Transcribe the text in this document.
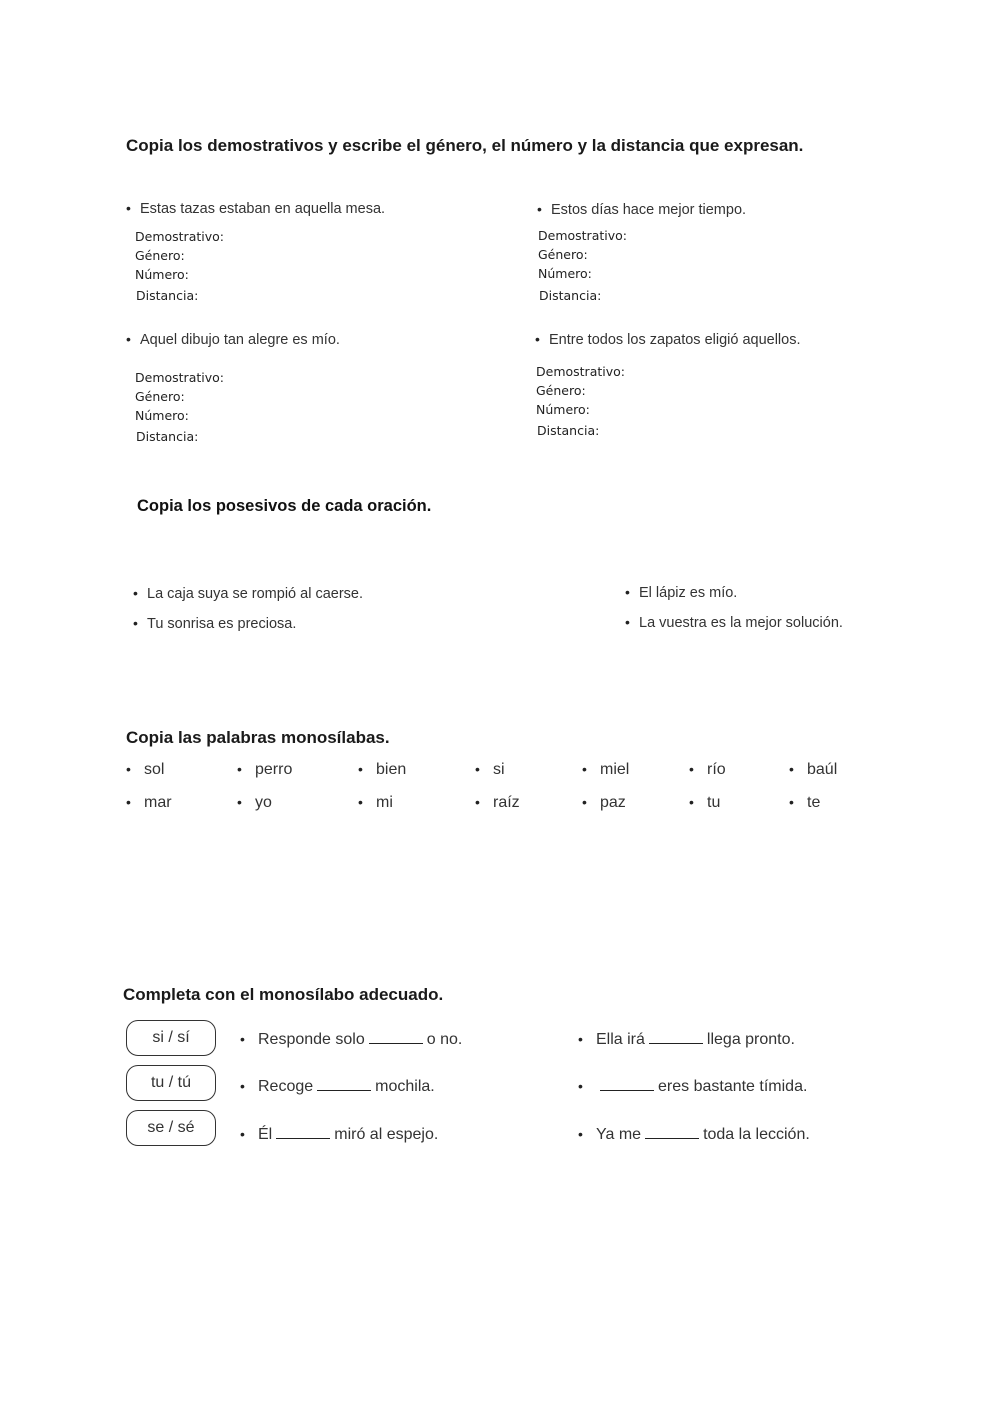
Copia los demostrativos y escribe el género, el número y la distancia que expresan.
• Estas tazas estaban en aquella mesa.
Demostrativo:
Género:
Número:
Distancia:
• Estos días hace mejor tiempo.
Demostrativo:
Género:
Número:
Distancia:
• Aquel dibujo tan alegre es mío.
Demostrativo:
Género:
Número:
Distancia:
• Entre todos los zapatos eligió aquellos.
Demostrativo:
Género:
Número:
Distancia:
Copia los posesivos de cada oración.
• La caja suya se rompió al caerse.
• Tu sonrisa es preciosa.
• El lápiz es mío.
• La vuestra es la mejor solución.
Copia las palabras monosílabas.
• sol	• perro	• bien	• si	• miel	• río	• baúl
• mar	• yo	• mi	• raíz	• paz	• tu	• te
Completa con el monosílabo adecuado.
si / sí
tu / tú
se / sé
• Responde solo	o no.	• Ella irá	llega pronto.
• Recoge	mochila.	•	eres bastante tímida.
• Él	miró al espejo.	• Ya me	toda la lección.
